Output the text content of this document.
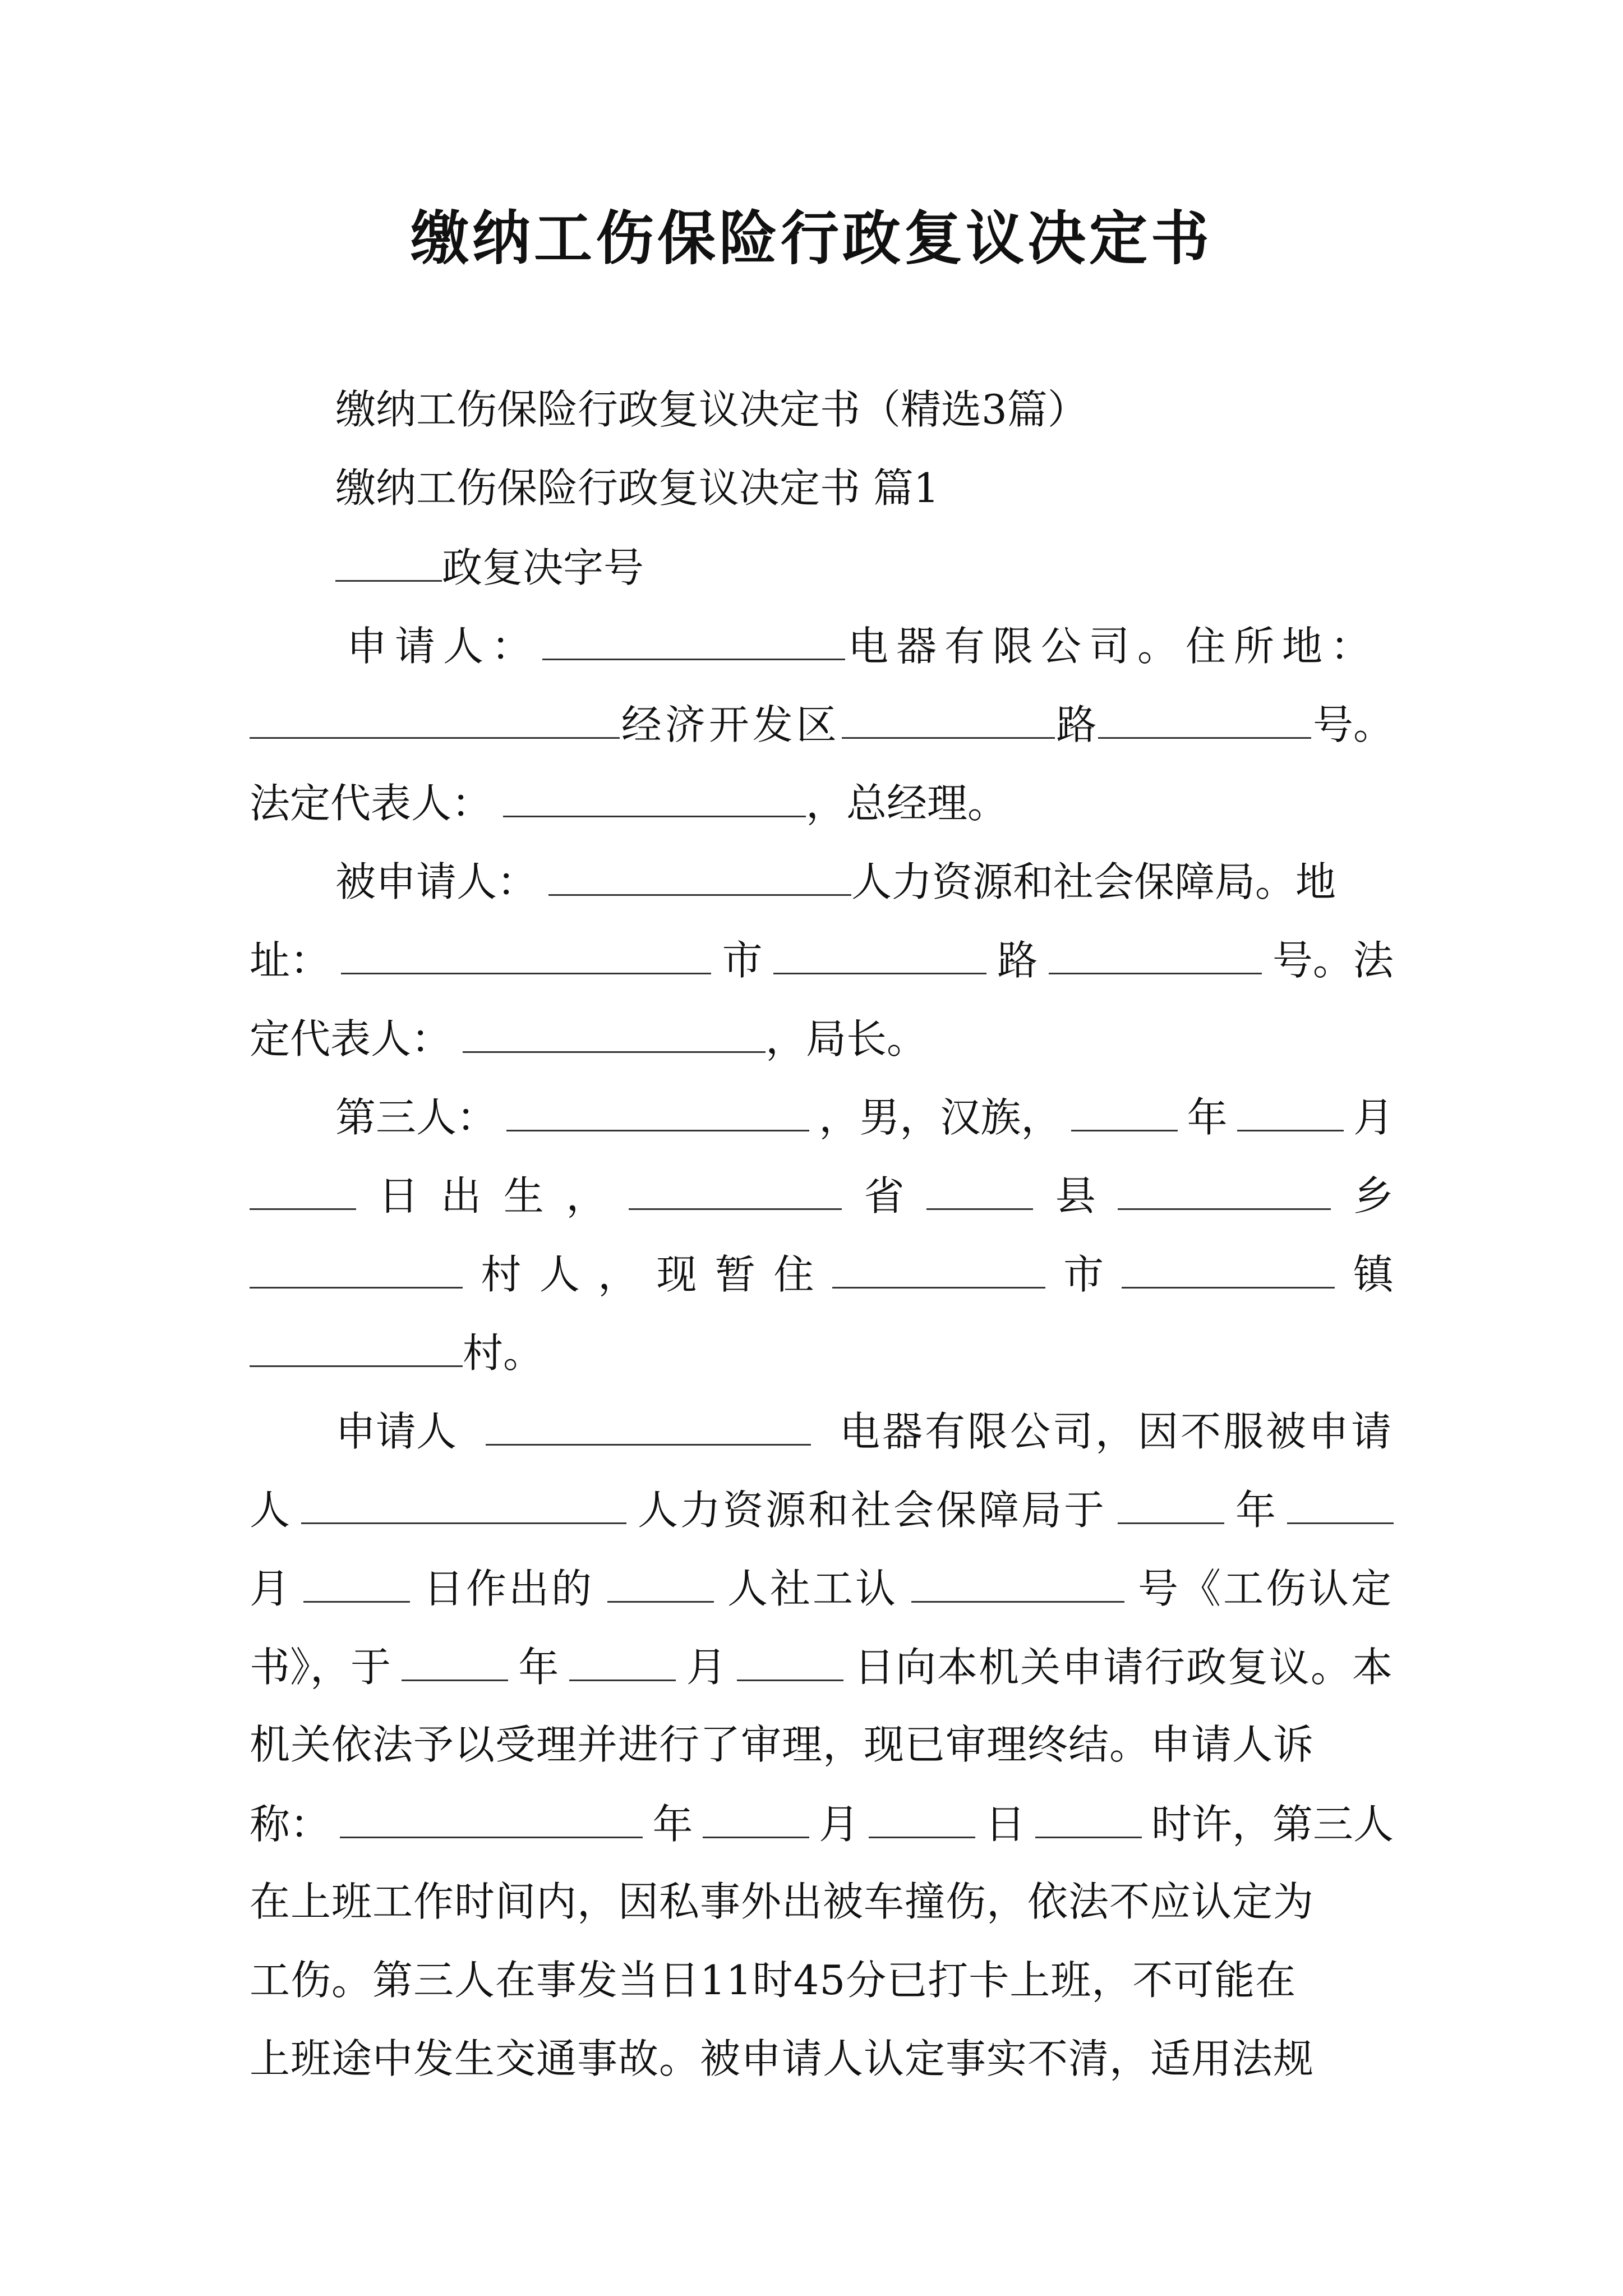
缴纳工伤保险行政复议决定书
缴纳工伤保险行政复议决定书（精选3篇）
缴纳工伤保险行政复议决定书 篇1
政复决字号
申请人：	电器有限公司。住所地：
经济开发区	路	号。
法定代表人：	，总经理。
被申请人：	人力资源和社会保障局。地
址：	市	路	号。法
定代表人：	，局长。
第三人：	，男，汉族，	年	月
日 出 生 ，	省	县	乡
村 人 ， 现 暂 住	市	镇
村。
申请人	电器有限公司，因不服被申请
人	人力资源和社会保障局于	年
月	日作出的	人社工认	号《工伤认定
书》，于	年	月	日向本机关申请行政复议。本
机关依法予以受理并进行了审理，现已审理终结。申请人诉
称：	年	月	日	时许，第三人
在上班工作时间内，因私事外出被车撞伤，依法不应认定为
工伤。第三人在事发当日11时45分已打卡上班，不可能在
上班途中发生交通事故。被申请人认定事实不清，适用法规
